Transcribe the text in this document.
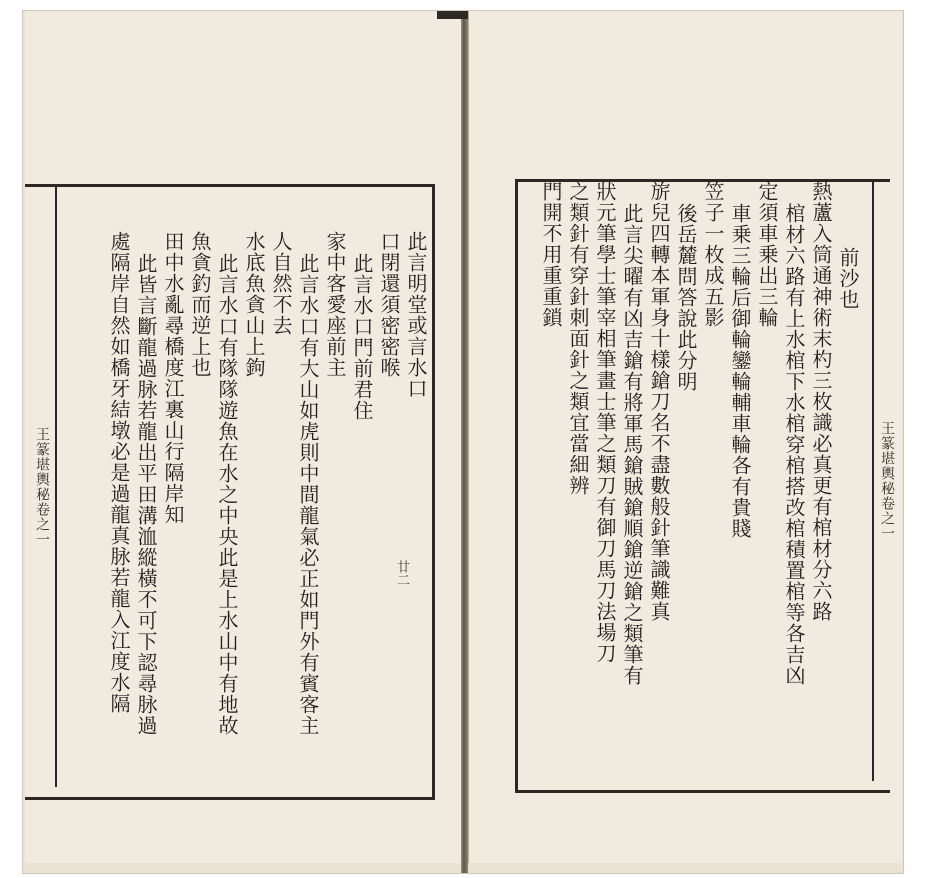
王篆堪輿秘卷之一
此言明堂或言水口
口閉還須密密喉
此言水口門前君住
家中客愛座前主
此言水口有大山如虎則中間龍氣必正如門外有賓客主
人自然不去
水底魚貪山上鉤
此言水口有隊隊遊魚在水之中央此是上水山中有地故
魚貪釣而逆上也
田中水亂尋橋度江裏山行隔岸知
此皆言斷龍過脉若龍出平田溝洫縱橫不可下認尋脉過
處隔岸自然如橋牙結墩必是過龍真脉若龍入江度水隔	王篆堪輿秘卷之一
前沙也
熱蘆入筒通神術末杓三枚識必真更有棺材分六路
棺材六路有上水棺下水棺穿棺搭改棺積置棺等各吉凶
定須車乗出三輪
車乗三輪后御輪鑾輪輔車輪各有貴賤
笠子一枚成五影
後岳麓問答說此分明
旂兒四轉本軍身十樣鎗刀名不盡數般針筆識難真
此言尖曜有凶吉鎗有將軍馬鎗賊鎗順鎗逆鎗之類筆有
狀元筆學士筆宰相筆畫士筆之類刀有御刀馬刀法場刀
之類針有穿針刺面針之類宜當細辨
門開不用重重鎖
廿二
